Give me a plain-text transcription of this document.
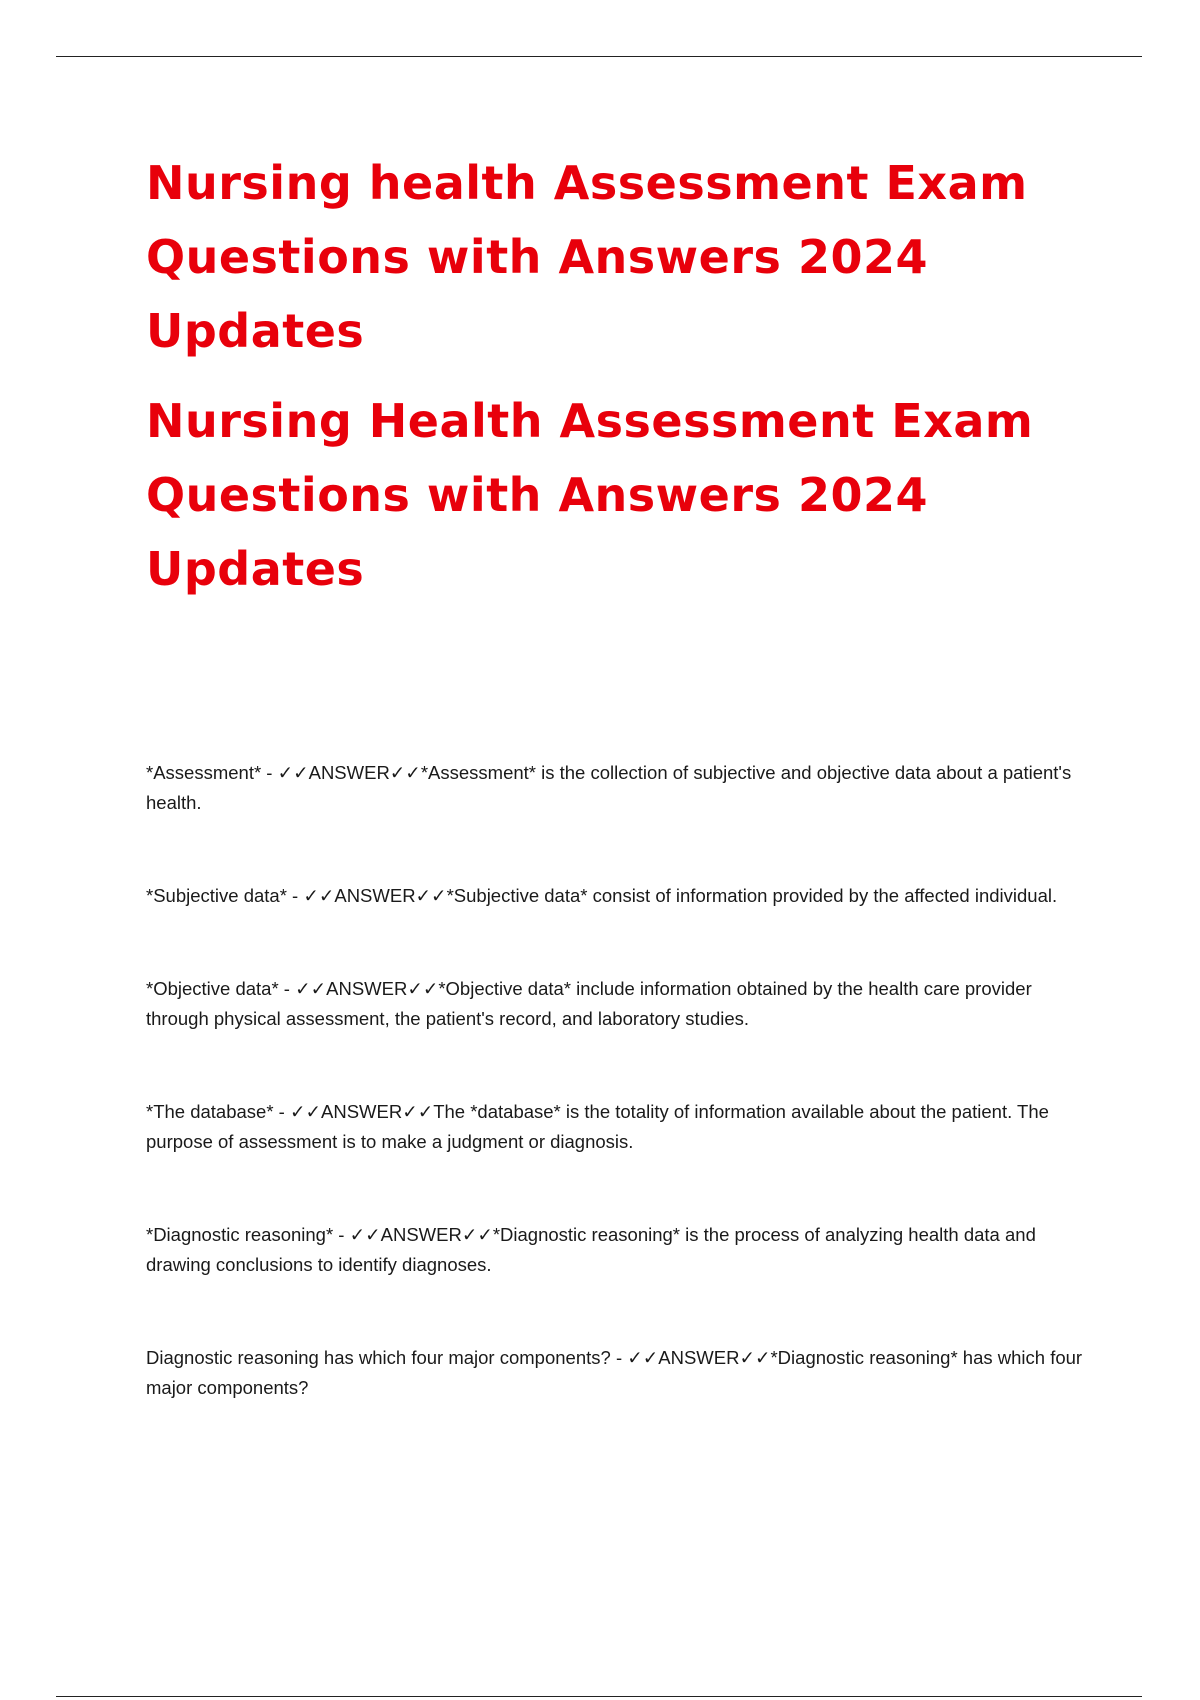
Nursing health Assessment Exam Questions with Answers 2024 Updates
Nursing Health Assessment Exam Questions with Answers 2024 Updates

*Assessment* - ✓✓ANSWER✓✓*Assessment* is the collection of subjective and objective data about a patient's health.

*Subjective data* - ✓✓ANSWER✓✓*Subjective data* consist of information provided by the affected individual.

*Objective data* - ✓✓ANSWER✓✓*Objective data* include information obtained by the health care provider through physical assessment, the patient's record, and laboratory studies.

*The database* - ✓✓ANSWER✓✓The *database* is the totality of information available about the patient. The purpose of assessment is to make a judgment or diagnosis.

*Diagnostic reasoning* - ✓✓ANSWER✓✓*Diagnostic reasoning* is the process of analyzing health data and drawing conclusions to identify diagnoses.

Diagnostic reasoning has which four major components? - ✓✓ANSWER✓✓*Diagnostic reasoning* has which four major components?
